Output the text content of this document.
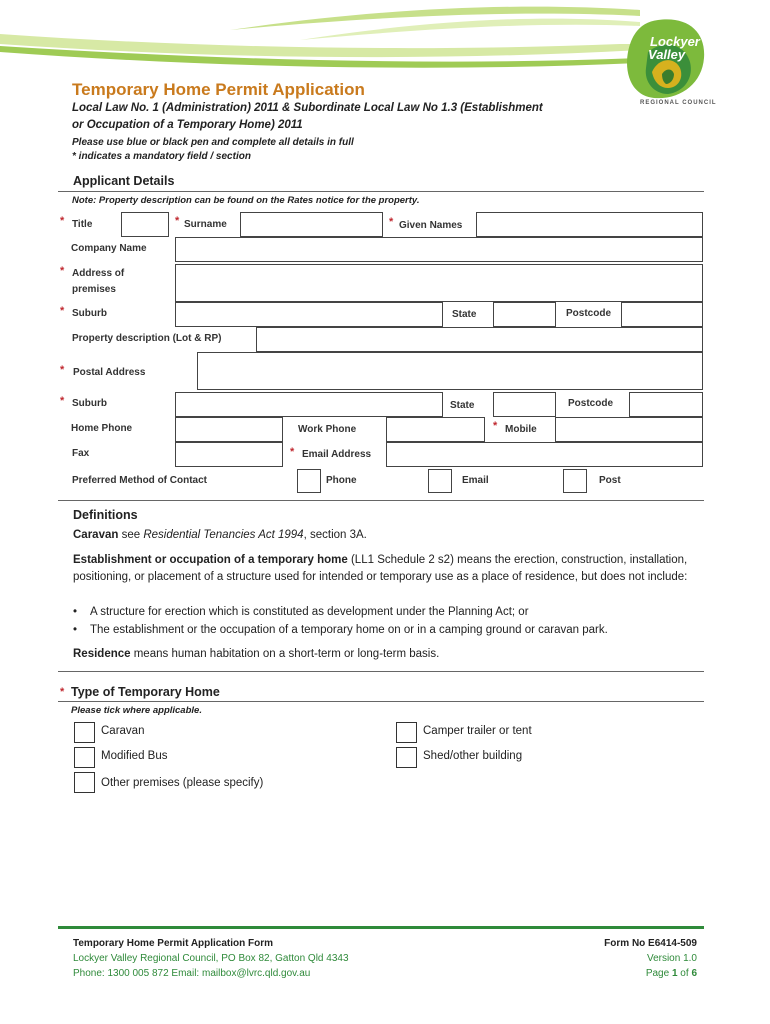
Lockyer
Valley
REGIONAL COUNCIL
Temporary Home Permit Application
Local Law No. 1 (Administration) 2011 & Subordinate Local Law No 1.3 (Establishment
or Occupation of a Temporary Home) 2011
Please use blue or black pen and complete all details in full
* indicates a mandatory field / section
Applicant Details
Note: Property description can be found on the Rates notice for the property.
* Title	* Surname	* Given Names
Company Name
* Address of
premises
* Suburb	State	Postcode
Property description (Lot & RP)
* Postal Address
* Suburb	State	Postcode
Home Phone	Work Phone	* Mobile
Fax	* Email Address
Preferred Method of Contact	Phone	Email	Post
Definitions
Caravan see Residential Tenancies Act 1994, section 3A.
Establishment or occupation of a temporary home (LL1 Schedule 2 s2) means the erection, construction, installation, positioning, or placement of a structure used for intended or temporary use as a place of residence, but does not include:
• A structure for erection which is constituted as development under the Planning Act; or
• The establishment or the occupation of a temporary home on or in a camping ground or caravan park.
Residence means human habitation on a short-term or long-term basis.
* Type of Temporary Home
Please tick where applicable.
Caravan
Modified Bus
Other premises (please specify)
Camper trailer or tent
Shed/other building
Temporary Home Permit Application Form
Lockyer Valley Regional Council, PO Box 82, Gatton Qld 4343
Phone: 1300 005 872 Email: mailbox@lvrc.qld.gov.au
Form No E6414-509
Version 1.0
Page 1 of 6
